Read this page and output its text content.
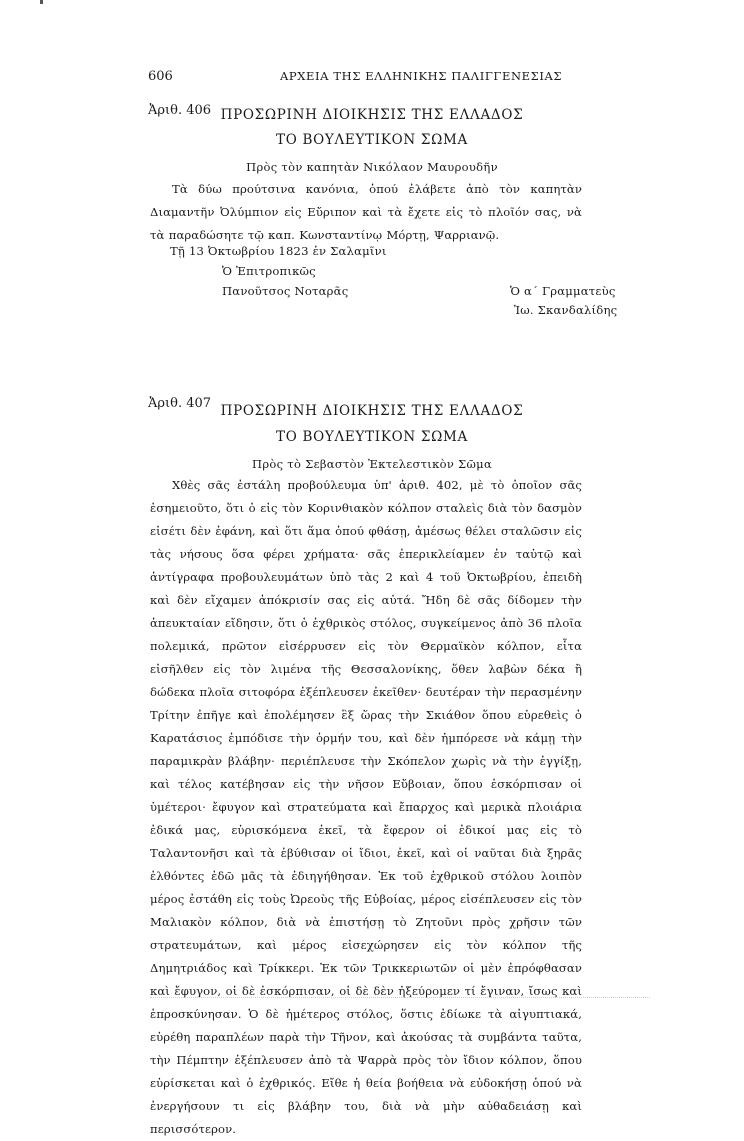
606	ΑΡΧΕΙΑ ΤΗΣ ΕΛΛΗΝΙΚΗΣ ΠΑΛΙΓΓΕΝΕΣΙΑΣ
Ἀριθ. 406 ΠΡΟΣΩΡΙΝΗ ΔΙΟΙΚΗΣΙΣ ΤΗΣ ΕΛΛΑΔΟΣ
ΤΟ ΒΟΥΛΕΥΤΙΚΟΝ ΣΩΜΑ
Πρὸς τὸν καπητὰν Νικόλαον Μαυρουδῆν

Τὰ δύω προύτσινα κανόνια, ὁπού ἐλάβετε ἀπὸ τὸν καπητὰν Διαμαντῆν Ὀλύμπιον εἰς Εὔριπον καὶ τὰ ἔχετε εἰς τὸ πλοῖόν σας, νὰ τὰ παραδώσητε τῷ καπ. Κωνσταντίνῳ Μόρτῃ, Ψαρριανῷ.

Τῇ 13 Ὀκτωβρίου 1823 ἐν Σαλαμῖνι
Ὁ Ἐπιτροπικῶς
Πανοῦτσος Νοταρᾶς	Ὁ α΄ Γραμματεὺς
Ἰω. Σκανδαλίδης
Ἀριθ. 407 ΠΡΟΣΩΡΙΝΗ ΔΙΟΙΚΗΣΙΣ ΤΗΣ ΕΛΛΑΔΟΣ
ΤΟ ΒΟΥΛΕΥΤΙΚΟΝ ΣΩΜΑ
Πρὸς τὸ Σεβαστὸν Ἐκτελεστικὸν Σῶμα

Χθὲς σᾶς ἐστάλη προβούλευμα ὑπ' ἀριθ. 402, μὲ τὸ ὁποῖον σᾶς ἐσημειοῦτο, ὅτι ὁ εἰς τὸν Κορινθιακὸν κόλπον σταλεὶς διὰ τὸν δασμὸν εἰσέτι δὲν ἐφάνη, καὶ ὅτι ἅμα ὁπού φθάσῃ, ἀμέσως θέλει σταλῶσιν εἰς τὰς νήσους ὅσα φέρει χρήματα· σᾶς ἐπερικλείαμεν ἐν ταὐτῷ καὶ ἀντίγραφα προβουλευμάτων ὑπὸ τὰς 2 καὶ 4 τοῦ Ὀκτωβρίου, ἐπειδὴ καὶ δὲν εἴχαμεν ἀπόκρισίν σας εἰς αὐτά. Ἤδη δὲ σᾶς δίδομεν τὴν ἀπευκταίαν εἴδησιν, ὅτι ὁ ἐχθρικὸς στόλος, συγκείμενος ἀπὸ 36 πλοῖα πολεμικά, πρῶτον εἰσέρρυσεν εἰς τὸν Θερμαϊκὸν κόλπον, εἶτα εἰσῆλθεν εἰς τὸν λιμένα τῆς Θεσσαλονίκης, ὅθεν λαβὼν δέκα ἢ δώδεκα πλοῖα σιτοφόρα ἐξέπλευσεν ἐκεῖθεν· δευτέραν τὴν περασμένην Τρίτην ἐπῆγε καὶ ἐπολέμησεν ἓξ ὥρας τὴν Σκιάθον ὅπου εὑρεθεὶς ὁ Καρατάσιος ἐμπόδισε τὴν ὁρμήν του, καὶ δὲν ἠμπόρεσε νὰ κάμῃ τὴν παραμικρὰν βλάβην· περιέπλευσε τὴν Σκόπελον χωρὶς νὰ τὴν ἐγγίξῃ, καὶ τέλος κατέβησαν εἰς τὴν νῆσον Εὔβοιαν, ὅπου ἐσκόρπισαν οἱ ὑμέτεροι· ἔφυγον καὶ στρατεύματα καὶ ἔπαρχος καὶ μερικὰ πλοιάρια ἐδικά μας, εὑρισκόμενα ἐκεῖ, τὰ ἔφερον οἱ ἐδικοί μας εἰς τὸ Ταλαντονῆσι καὶ τὰ ἐβύθισαν οἱ ἴδιοι, ἐκεῖ, καὶ οἱ ναῦται διὰ ξηρᾶς ἐλθόντες ἐδῶ μᾶς τὰ ἐδιηγήθησαν. Ἐκ τοῦ ἐχθρικοῦ στόλου λοιπὸν μέρος ἐστάθη εἰς τοὺς Ὠρεοὺς τῆς Εὐβοίας, μέρος εἰσέπλευσεν εἰς τὸν Μαλιακὸν κόλπον, διὰ νὰ ἐπιστήσῃ τὸ Ζητοῦνι πρὸς χρῆσιν τῶν στρατευμάτων, καὶ μέρος εἰσεχώρησεν εἰς τὸν κόλπον τῆς Δημητριάδος καὶ Τρίκκερι. Ἐκ τῶν Τρικκεριωτῶν οἱ μὲν ἐπρόφθασαν καὶ ἔφυγον, οἱ δὲ ἐσκόρπισαν, οἱ δὲ δὲν ἠξεύρομεν τί ἔγιναν, ἴσως καὶ ἐπροσκύνησαν. Ὁ δὲ ἡμέτερος στόλος, ὅστις ἐδίωκε τὰ αἰγυπτιακά, εὑρέθη παραπλέων παρὰ τὴν Τῆνον, καὶ ἀκούσας τὰ συμβάντα ταῦτα, τὴν Πέμπτην ἐξέπλευσεν ἀπὸ τὰ Ψαρρὰ πρὸς τὸν ἴδιον κόλπον, ὅπου εὑρίσκεται καὶ ὁ ἐχθρικός. Εἴθε ἡ θεία βοήθεια νὰ εὐδοκήσῃ ὁπού νὰ ἐνεργήσουν τι εἰς βλάβην του, διὰ νὰ μὴν αὐθαδειάσῃ καὶ περισσότερον.
